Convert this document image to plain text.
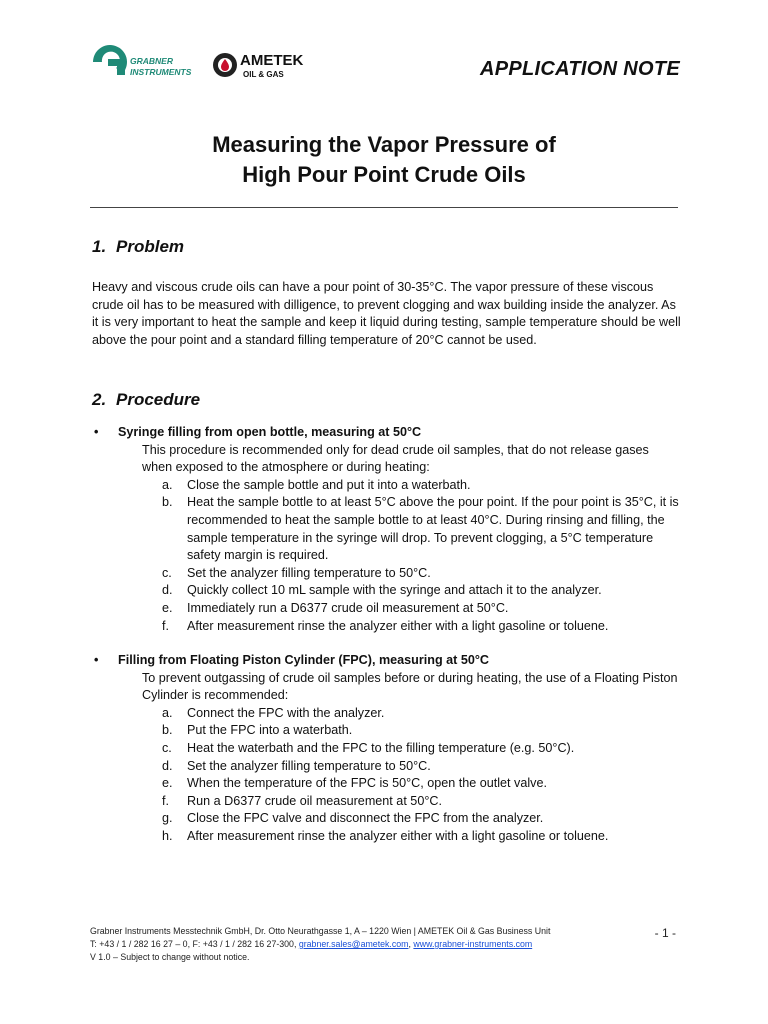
GRABNER
INSTRUMENTS
AMETEK
OIL & GAS	APPLICATION NOTE
Measuring the Vapor Pressure of
High Pour Point Crude Oils
1. Problem

Heavy and viscous crude oils can have a pour point of 30-35°C. The vapor pressure of these viscous crude oil has to be measured with dilligence, to prevent clogging and wax building inside the analyzer. As it is very important to heat the sample and keep it liquid during testing, sample temperature should be well above the pour point and a standard filling temperature of 20°C cannot be used.

2. Procedure
• Syringe filling from open bottle, measuring at 50°C
This procedure is recommended only for dead crude oil samples, that do not release gases when exposed to the atmosphere or during heating:
a. Close the sample bottle and put it into a waterbath.
b. Heat the sample bottle to at least 5°C above the pour point. If the pour point is 35°C, it is recommended to heat the sample bottle to at least 40°C. During rinsing and filling, the sample temperature in the syringe will drop. To prevent clogging, a 5°C temperature safety margin is required.
c. Set the analyzer filling temperature to 50°C.
d. Quickly collect 10 mL sample with the syringe and attach it to the analyzer.
e. Immediately run a D6377 crude oil measurement at 50°C.
f. After measurement rinse the analyzer either with a light gasoline or toluene.
• Filling from Floating Piston Cylinder (FPC), measuring at 50°C
To prevent outgassing of crude oil samples before or during heating, the use of a Floating Piston Cylinder is recommended:
a. Connect the FPC with the analyzer.
b. Put the FPC into a waterbath.
c. Heat the waterbath and the FPC to the filling temperature (e.g. 50°C).
d. Set the analyzer filling temperature to 50°C.
e. When the temperature of the FPC is 50°C, open the outlet valve.
f. Run a D6377 crude oil measurement at 50°C.
g. Close the FPC valve and disconnect the FPC from the analyzer.
h. After measurement rinse the analyzer either with a light gasoline or toluene.
Grabner Instruments Messtechnik GmbH, Dr. Otto Neurathgasse 1, A – 1220 Wien | AMETEK Oil & Gas Business Unit
T: +43 / 1 / 282 16 27 – 0, F: +43 / 1 / 282 16 27-300, grabner.sales@ametek.com, www.grabner-instruments.com
V 1.0 – Subject to change without notice.
- 1 -
